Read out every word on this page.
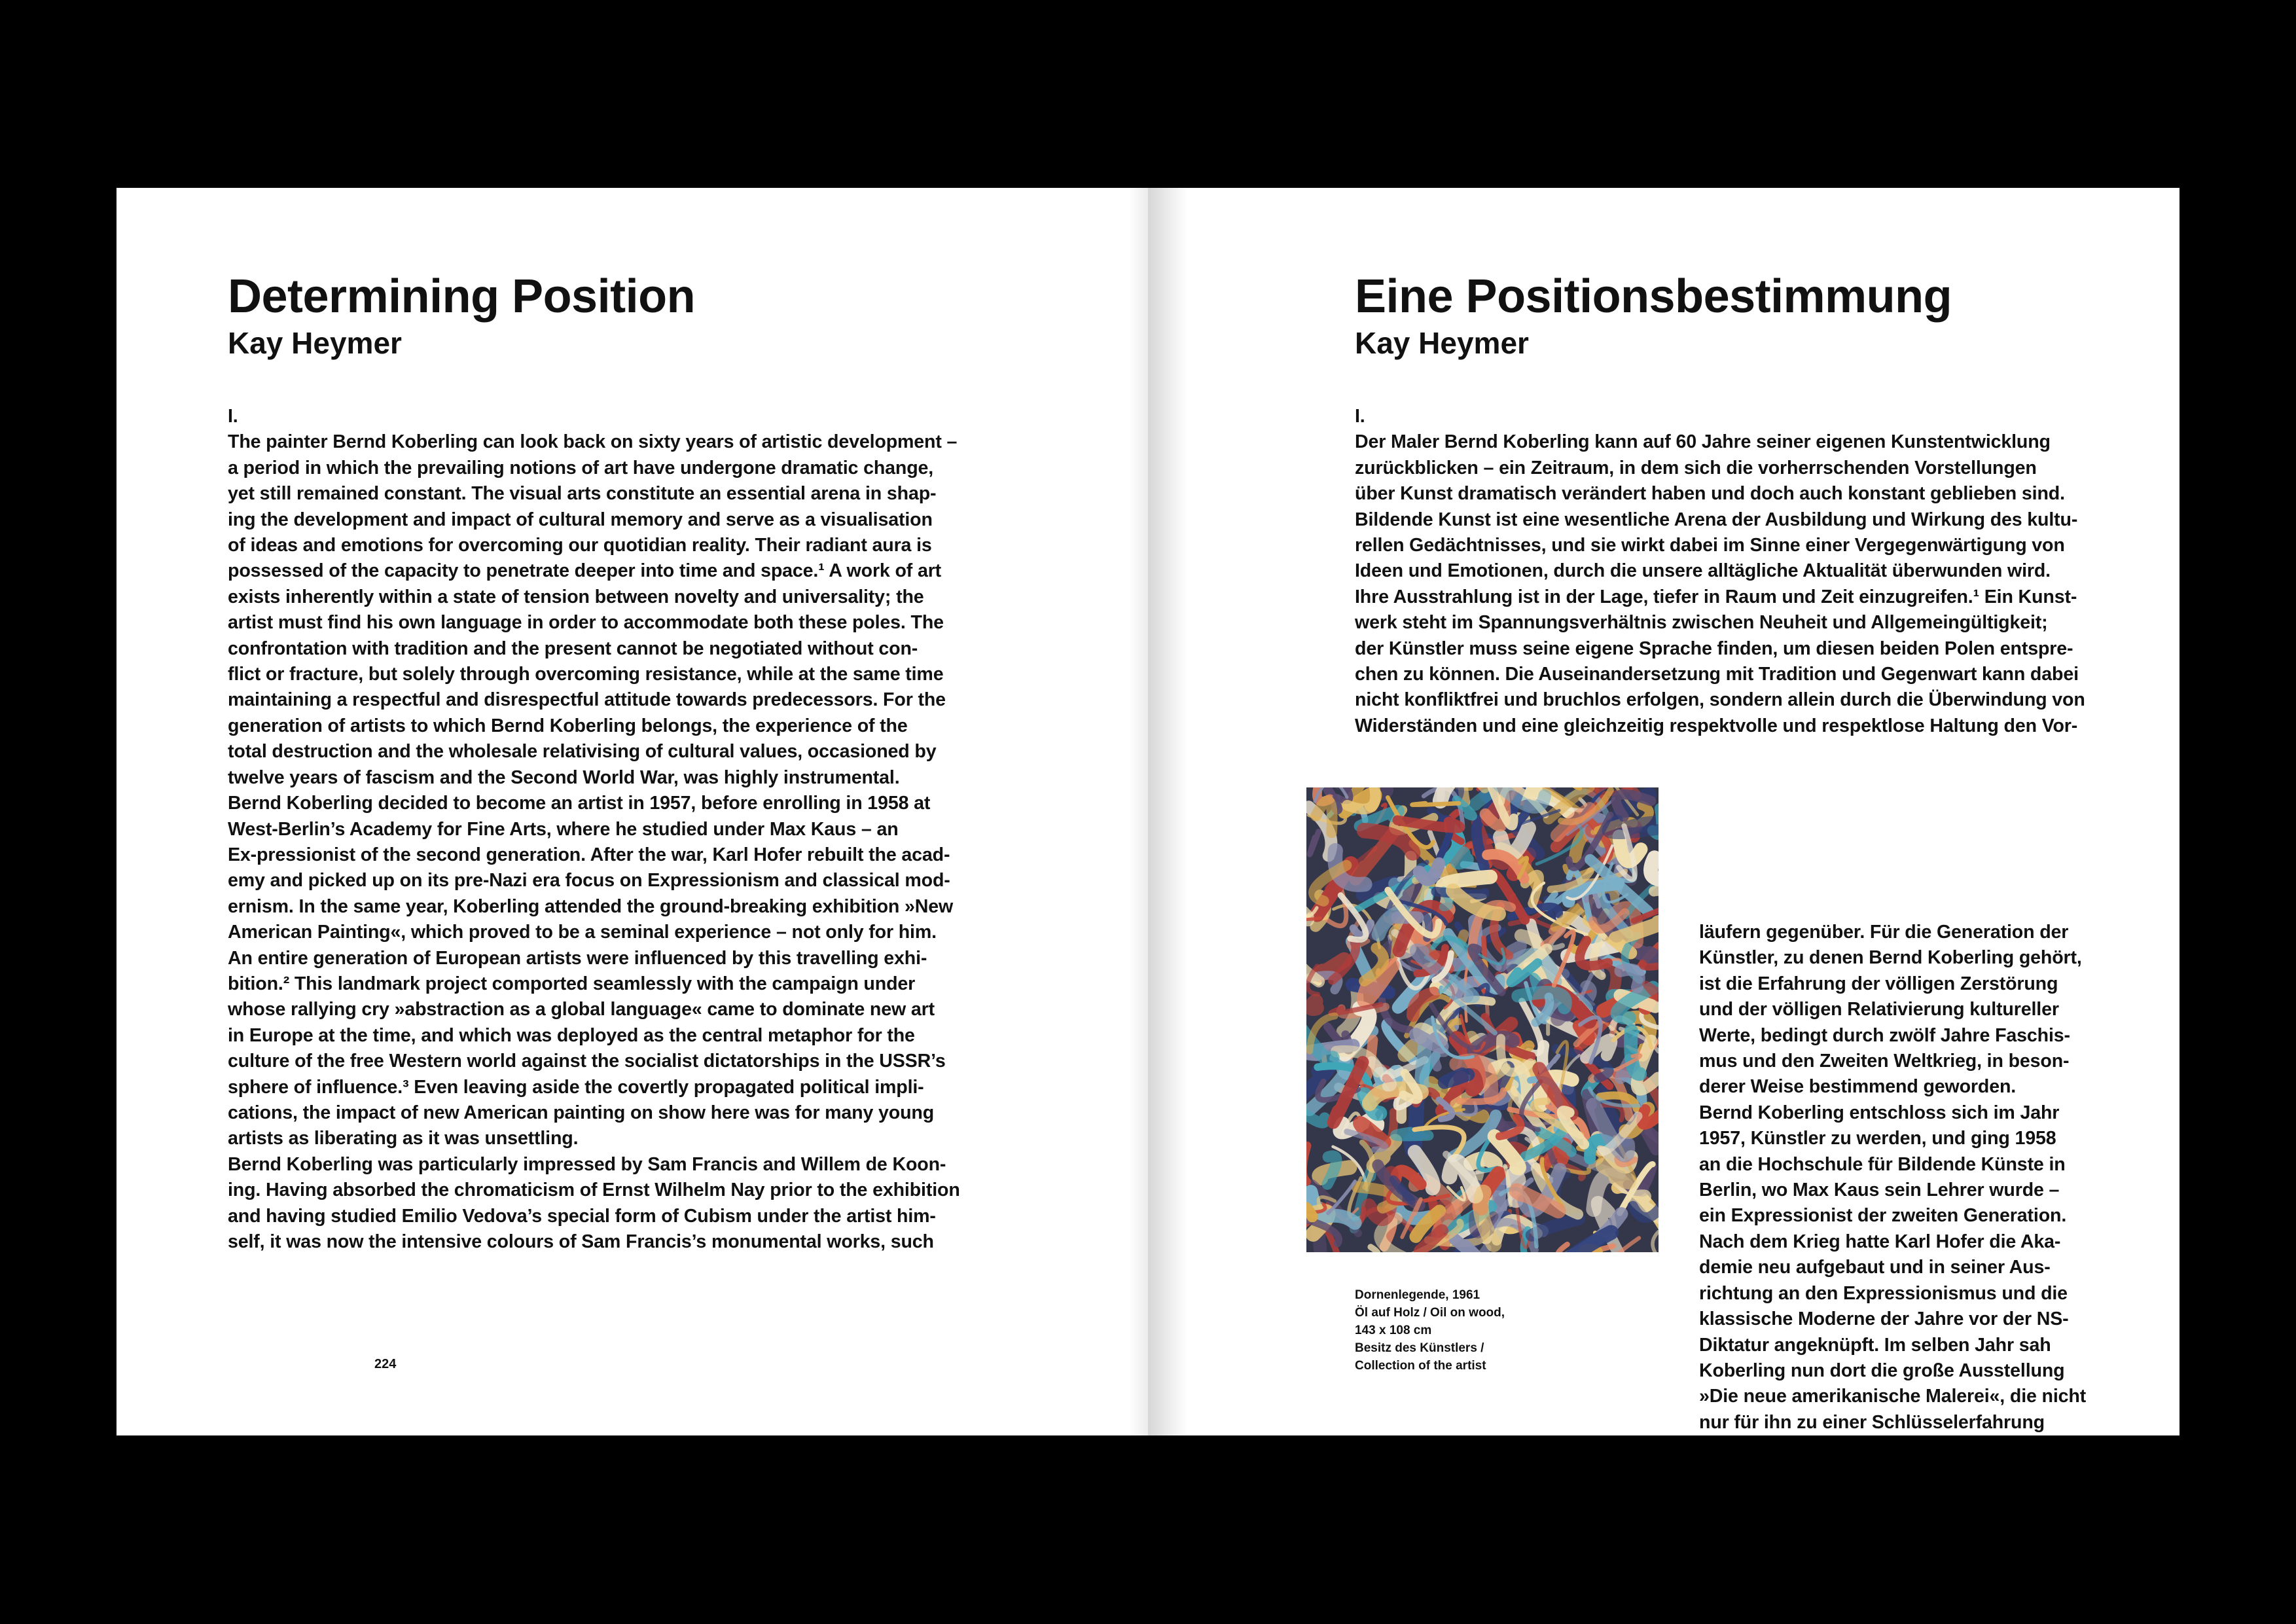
Determining Position
Kay Heymer
I.
The painter Bernd Koberling can look back on sixty years of artistic development –
a period in which the prevailing notions of art have undergone dramatic change,
yet still remained constant. The visual arts constitute an essential arena in shap-
ing the development and impact of cultural memory and serve as a visualisation
of ideas and emotions for overcoming our quotidian reality. Their radiant aura is
possessed of the capacity to penetrate deeper into time and space.¹ A work of art
exists inherently within a state of tension between novelty and universality; the
artist must find his own language in order to accommodate both these poles. The
confrontation with tradition and the present cannot be negotiated without con-
flict or fracture, but solely through overcoming resistance, while at the same time
maintaining a respectful and disrespectful attitude towards predecessors. For the
generation of artists to which Bernd Koberling belongs, the experience of the
total destruction and the wholesale relativising of cultural values, occasioned by
twelve years of fascism and the Second World War, was highly instrumental.
Bernd Koberling decided to become an artist in 1957, before enrolling in 1958 at
West-Berlin’s Academy for Fine Arts, where he studied under Max Kaus – an
Ex-pressionist of the second generation. After the war, Karl Hofer rebuilt the acad-
emy and picked up on its pre-Nazi era focus on Expressionism and classical mod-
ernism. In the same year, Koberling attended the ground-breaking exhibition »New
American Painting«, which proved to be a seminal experience – not only for him.
An entire generation of European artists were influenced by this travelling exhi-
bition.² This landmark project comported seamlessly with the campaign under
whose rallying cry »abstraction as a global language« came to dominate new art
in Europe at the time, and which was deployed as the central metaphor for the
culture of the free Western world against the socialist dictatorships in the USSR’s
sphere of influence.³ Even leaving aside the covertly propagated political impli-
cations, the impact of new American painting on show here was for many young
artists as liberating as it was unsettling.
Bernd Koberling was particularly impressed by Sam Francis and Willem de Koon-
ing. Having absorbed the chromaticism of Ernst Wilhelm Nay prior to the exhibition
and having studied Emilio Vedova’s special form of Cubism under the artist him-
self, it was now the intensive colours of Sam Francis’s monumental works, such
224
Eine Positionsbestimmung
Kay Heymer
I.
Der Maler Bernd Koberling kann auf 60 Jahre seiner eigenen Kunstentwicklung
zurückblicken – ein Zeitraum, in dem sich die vorherrschenden Vorstellungen
über Kunst dramatisch verändert haben und doch auch konstant geblieben sind.
Bildende Kunst ist eine wesentliche Arena der Ausbildung und Wirkung des kultu-
rellen Gedächtnisses, und sie wirkt dabei im Sinne einer Vergegenwärtigung von
Ideen und Emotionen, durch die unsere alltägliche Aktualität überwunden wird.
Ihre Ausstrahlung ist in der Lage, tiefer in Raum und Zeit einzugreifen.¹ Ein Kunst-
werk steht im Spannungsverhältnis zwischen Neuheit und Allgemeingültigkeit;
der Künstler muss seine eigene Sprache finden, um diesen beiden Polen entspre-
chen zu können. Die Auseinandersetzung mit Tradition und Gegenwart kann dabei
nicht konfliktfrei und bruchlos erfolgen, sondern allein durch die Überwindung von
Widerständen und eine gleichzeitig respektvolle und respektlose Haltung den Vor-
läufern gegenüber. Für die Generation der
Künstler, zu denen Bernd Koberling gehört,
ist die Erfahrung der völligen Zerstörung
und der völligen Relativierung kultureller
Werte, bedingt durch zwölf Jahre Faschis-
mus und den Zweiten Weltkrieg, in beson-
derer Weise bestimmend geworden.
Bernd Koberling entschloss sich im Jahr
1957, Künstler zu werden, und ging 1958
an die Hochschule für Bildende Künste in
Berlin, wo Max Kaus sein Lehrer wurde –
ein Expressionist der zweiten Generation.
Nach dem Krieg hatte Karl Hofer die Aka-
demie neu aufgebaut und in seiner Aus-
richtung an den Expressionismus und die
klassische Moderne der Jahre vor der NS-
Diktatur angeknüpft. Im selben Jahr sah
Koberling nun dort die große Ausstellung
»Die neue amerikanische Malerei«, die nicht
nur für ihn zu einer Schlüsselerfahrung
Dornenlegende, 1961
Öl auf Holz / Oil on wood,
143 x 108 cm
Besitz des Künstlers /
Collection of the artist
